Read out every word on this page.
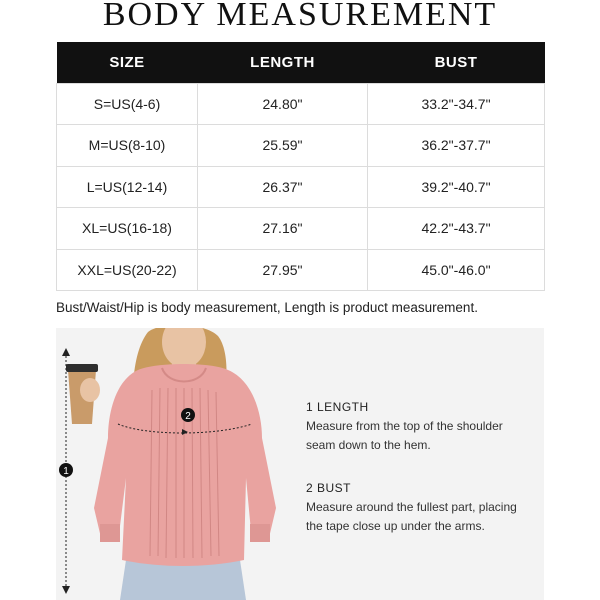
BODY MEASUREMENT
SIZE	LENGTH	BUST
S=US(4-6)	24.80"	33.2"-34.7"
M=US(8-10)	25.59"	36.2"-37.7"
L=US(12-14)	26.37"	39.2"-40.7"
XL=US(16-18)	27.16"	42.2"-43.7"
XXL=US(20-22)	27.95"	45.0"-46.0"
Bust/Waist/Hip is body measurement, Length is product measurement.
1
2
1 LENGTH
Measure from the top of the shoulder
seam down to the hem.
2 BUST
Measure around the fullest part, placing
the tape close up under the arms.
